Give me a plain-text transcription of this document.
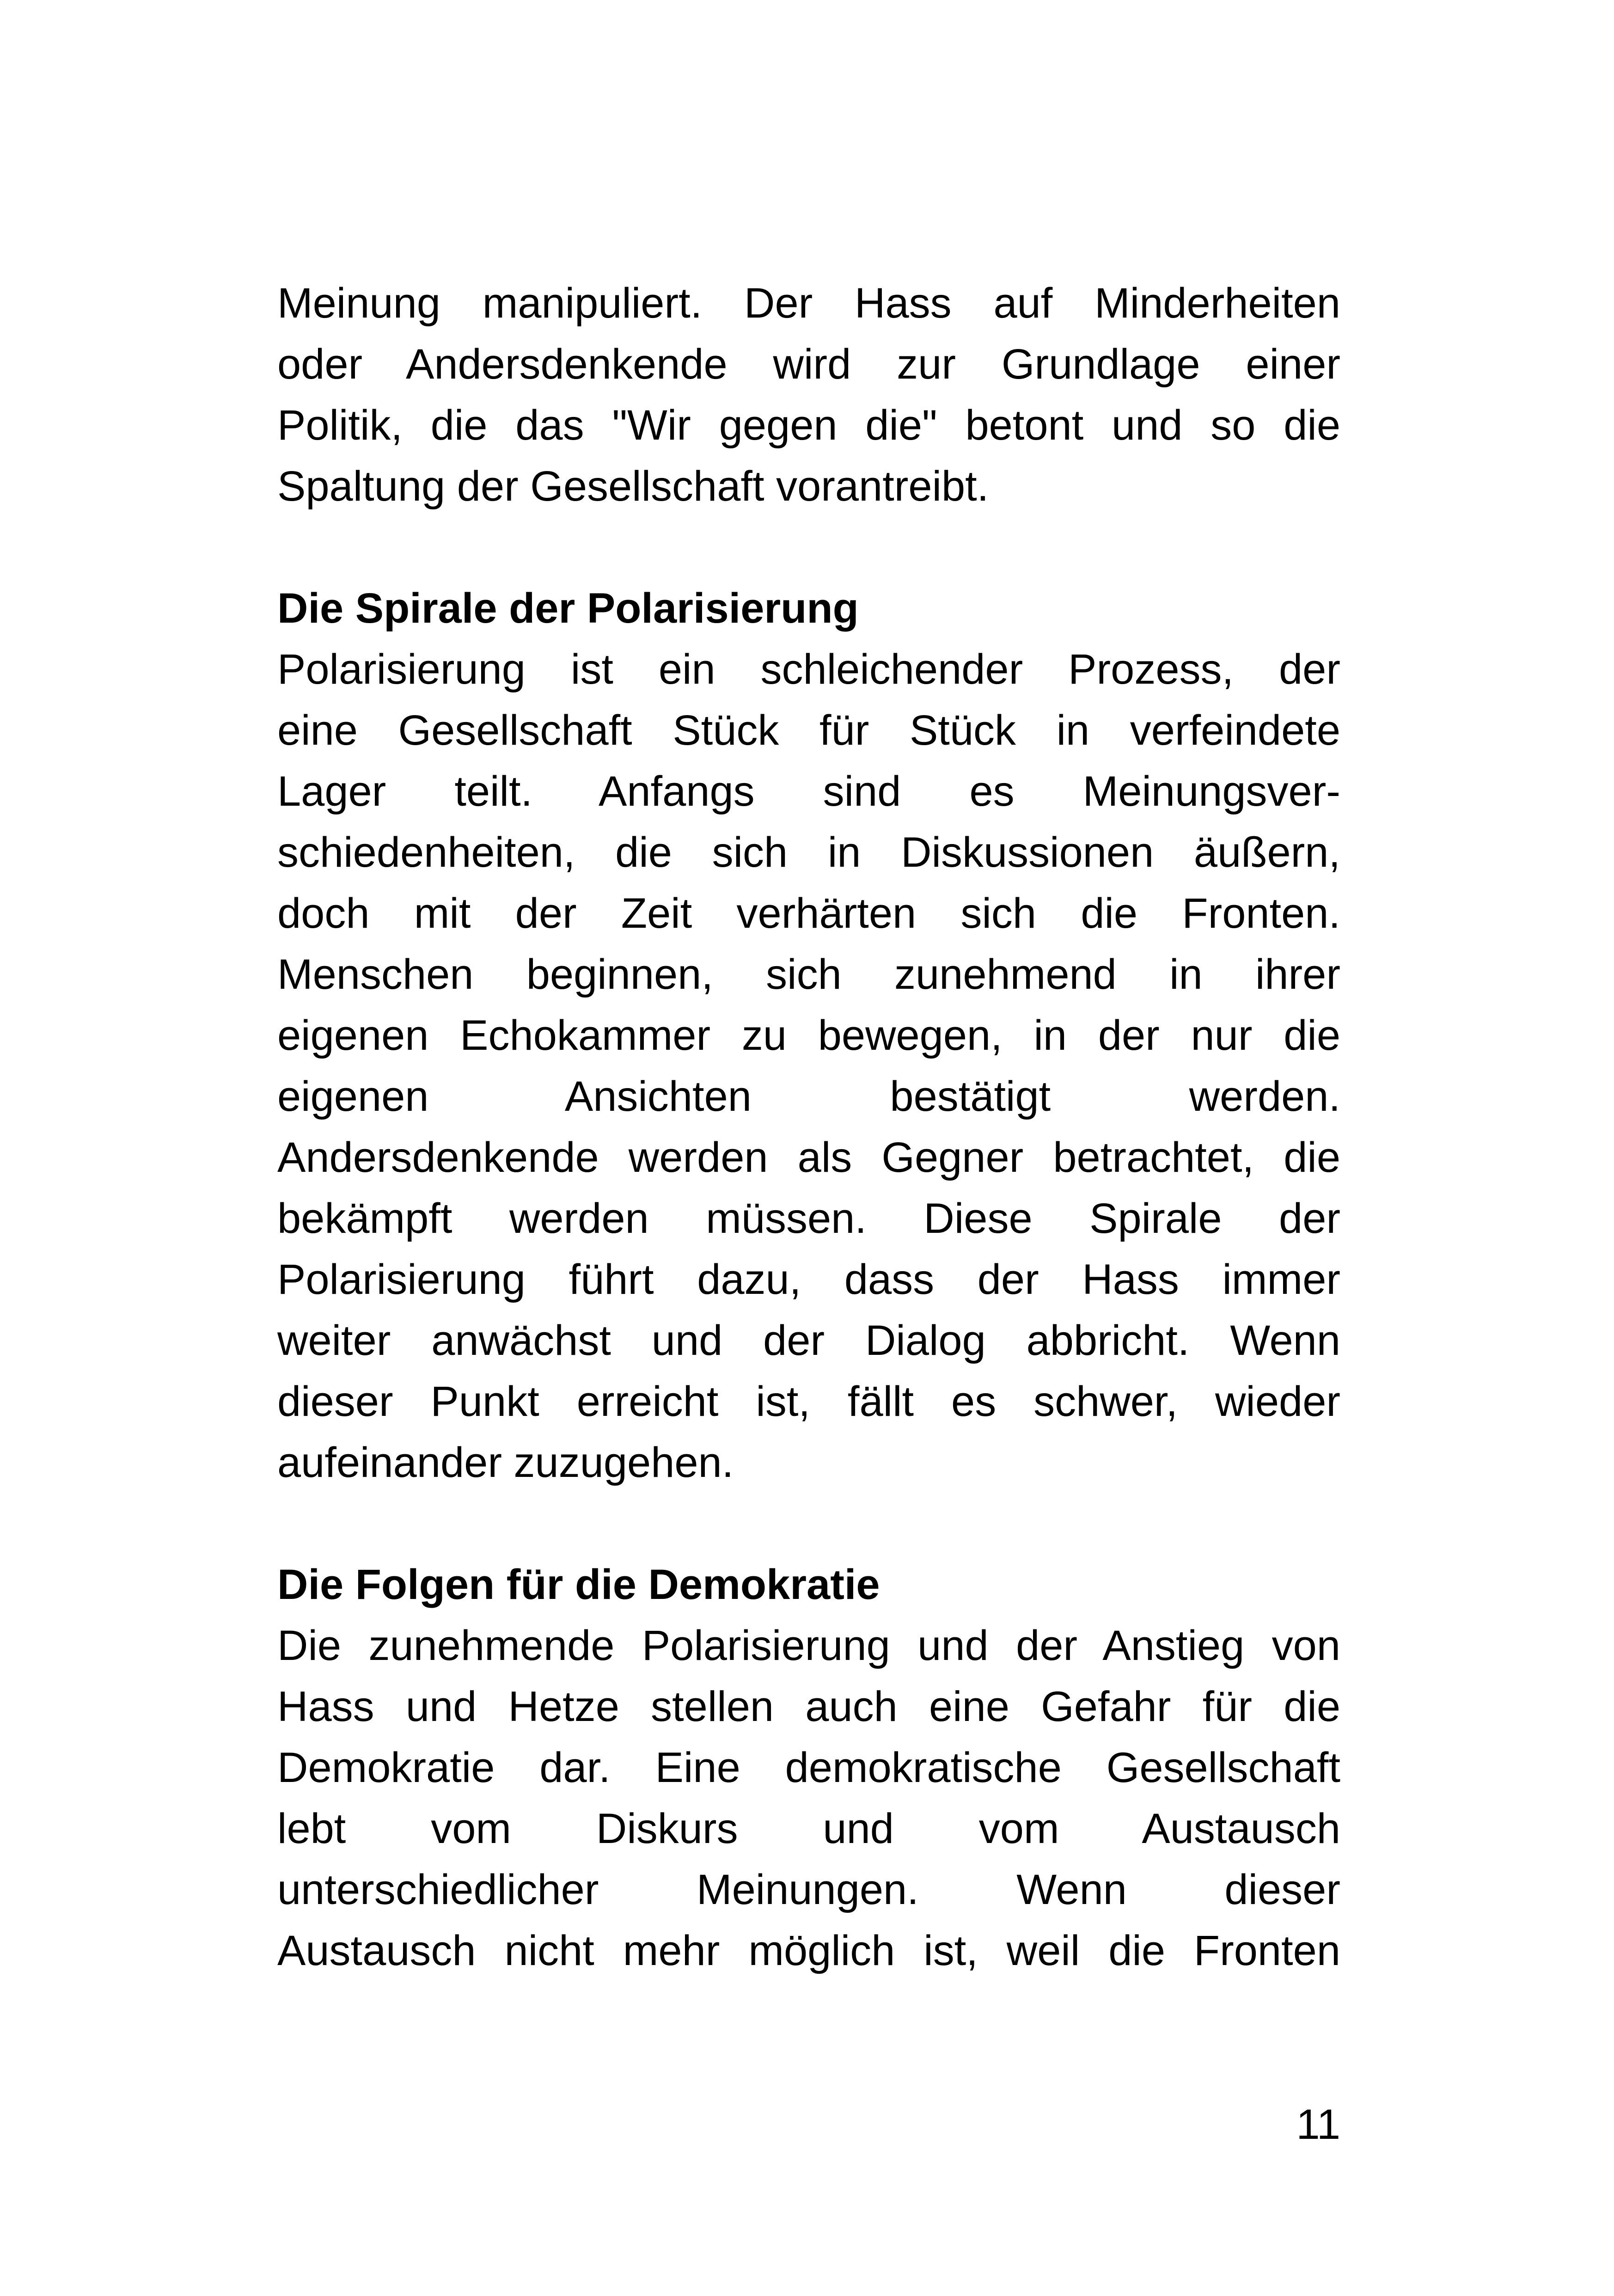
Meinung manipuliert. Der Hass auf Minderheiten
oder Andersdenkende wird zur Grundlage einer
Politik, die das "Wir gegen die" betont und so die
Spaltung der Gesellschaft vorantreibt.
Die Spirale der Polarisierung
Polarisierung ist ein schleichender Prozess, der
eine Gesellschaft Stück für Stück in verfeindete
Lager teilt. Anfangs sind es Meinungsver-
schiedenheiten, die sich in Diskussionen äußern,
doch mit der Zeit verhärten sich die Fronten.
Menschen beginnen, sich zunehmend in ihrer
eigenen Echokammer zu bewegen, in der nur die
eigenen Ansichten bestätigt werden.
Andersdenkende werden als Gegner betrachtet, die
bekämpft werden müssen. Diese Spirale der
Polarisierung führt dazu, dass der Hass immer
weiter anwächst und der Dialog abbricht. Wenn
dieser Punkt erreicht ist, fällt es schwer, wieder
aufeinander zuzugehen.
Die Folgen für die Demokratie
Die zunehmende Polarisierung und der Anstieg von
Hass und Hetze stellen auch eine Gefahr für die
Demokratie dar. Eine demokratische Gesellschaft
lebt vom Diskurs und vom Austausch
unterschiedlicher Meinungen. Wenn dieser
Austausch nicht mehr möglich ist, weil die Fronten
11
